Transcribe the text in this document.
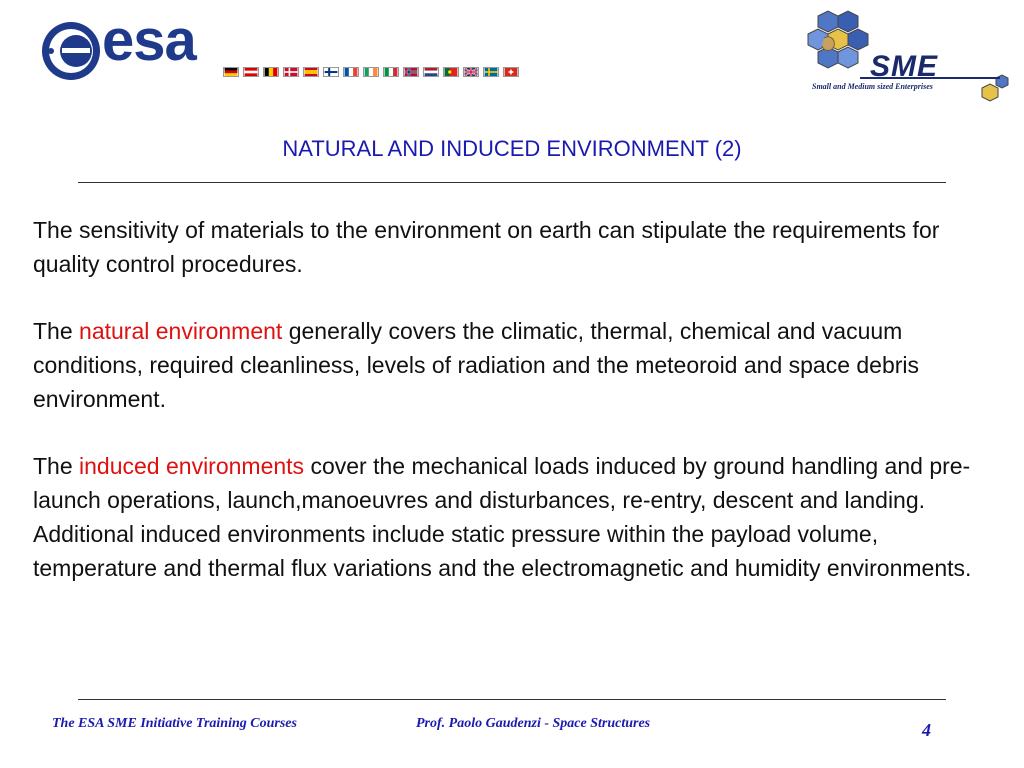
esa	SME
Small and Medium sized Enterprises
NATURAL AND INDUCED ENVIRONMENT (2)

The sensitivity of materials to the environment on earth can stipulate the requirements for quality control procedures.

The natural environment generally covers the climatic, thermal, chemical and vacuum conditions, required cleanliness, levels of radiation and the meteoroid and space debris environment.

The induced environments cover the mechanical loads induced by ground handling and pre-launch operations, launch,manoeuvres and disturbances, re-entry, descent and landing. Additional induced environments include static pressure within the payload volume, temperature and thermal flux variations and the electromagnetic and humidity environments.

The ESA SME Initiative Training Courses	Prof. Paolo Gaudenzi - Space Structures	4
